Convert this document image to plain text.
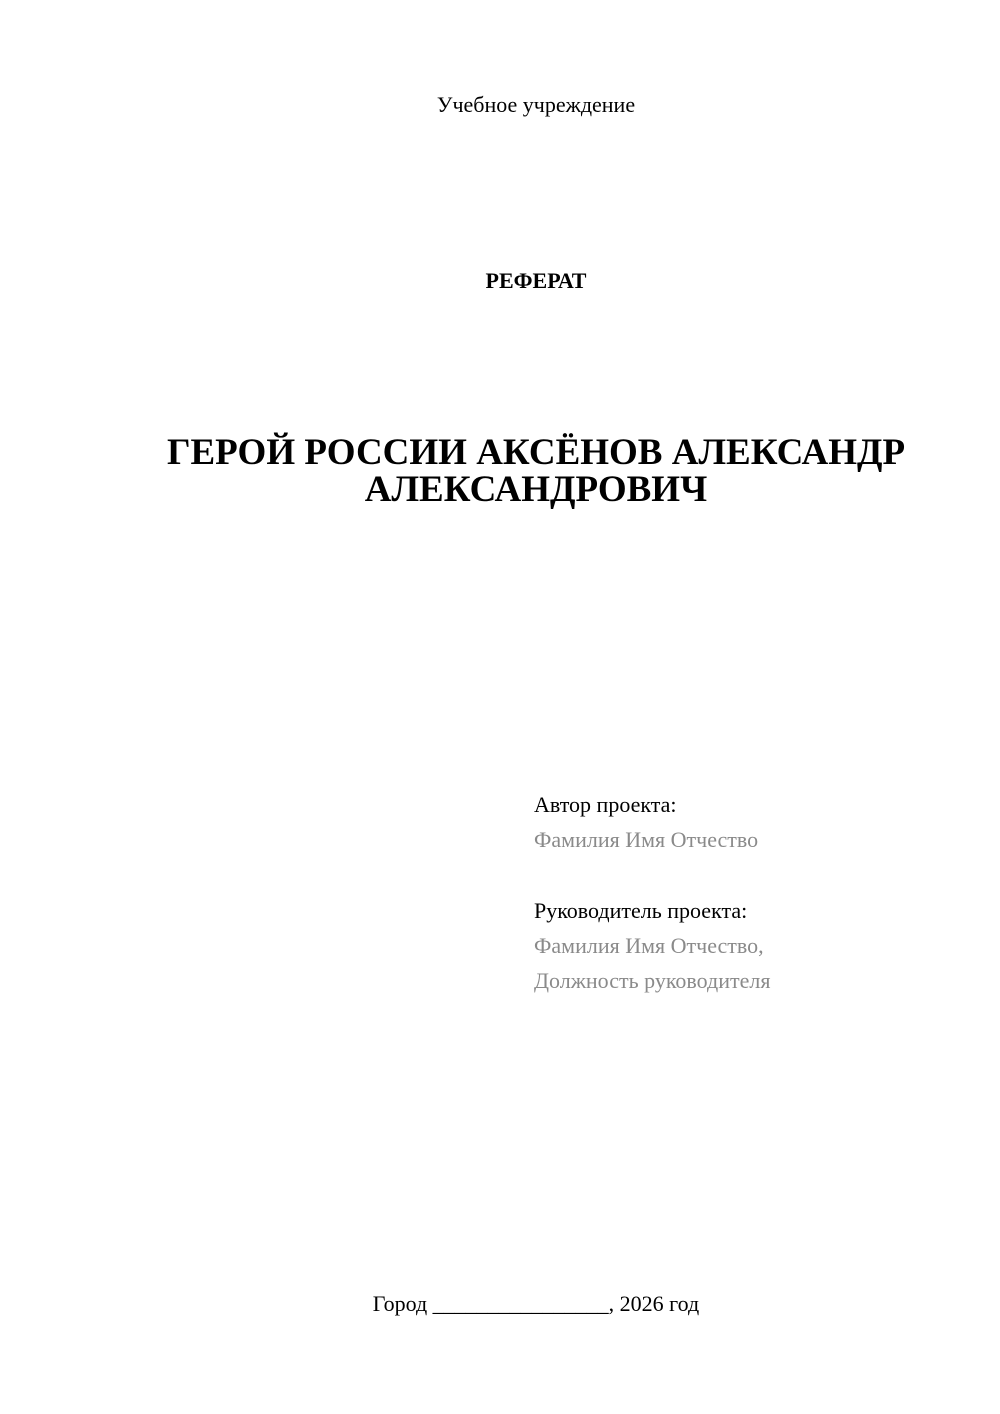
Учебное учреждение
РЕФЕРАТ
ГЕРОЙ РОССИИ АКСЁНОВ АЛЕКСАНДР
АЛЕКСАНДРОВИЧ
Автор проекта:
Фамилия Имя Отчество
Руководитель проекта:
Фамилия Имя Отчество,
Должность руководителя
Город ________________, 2026 год
